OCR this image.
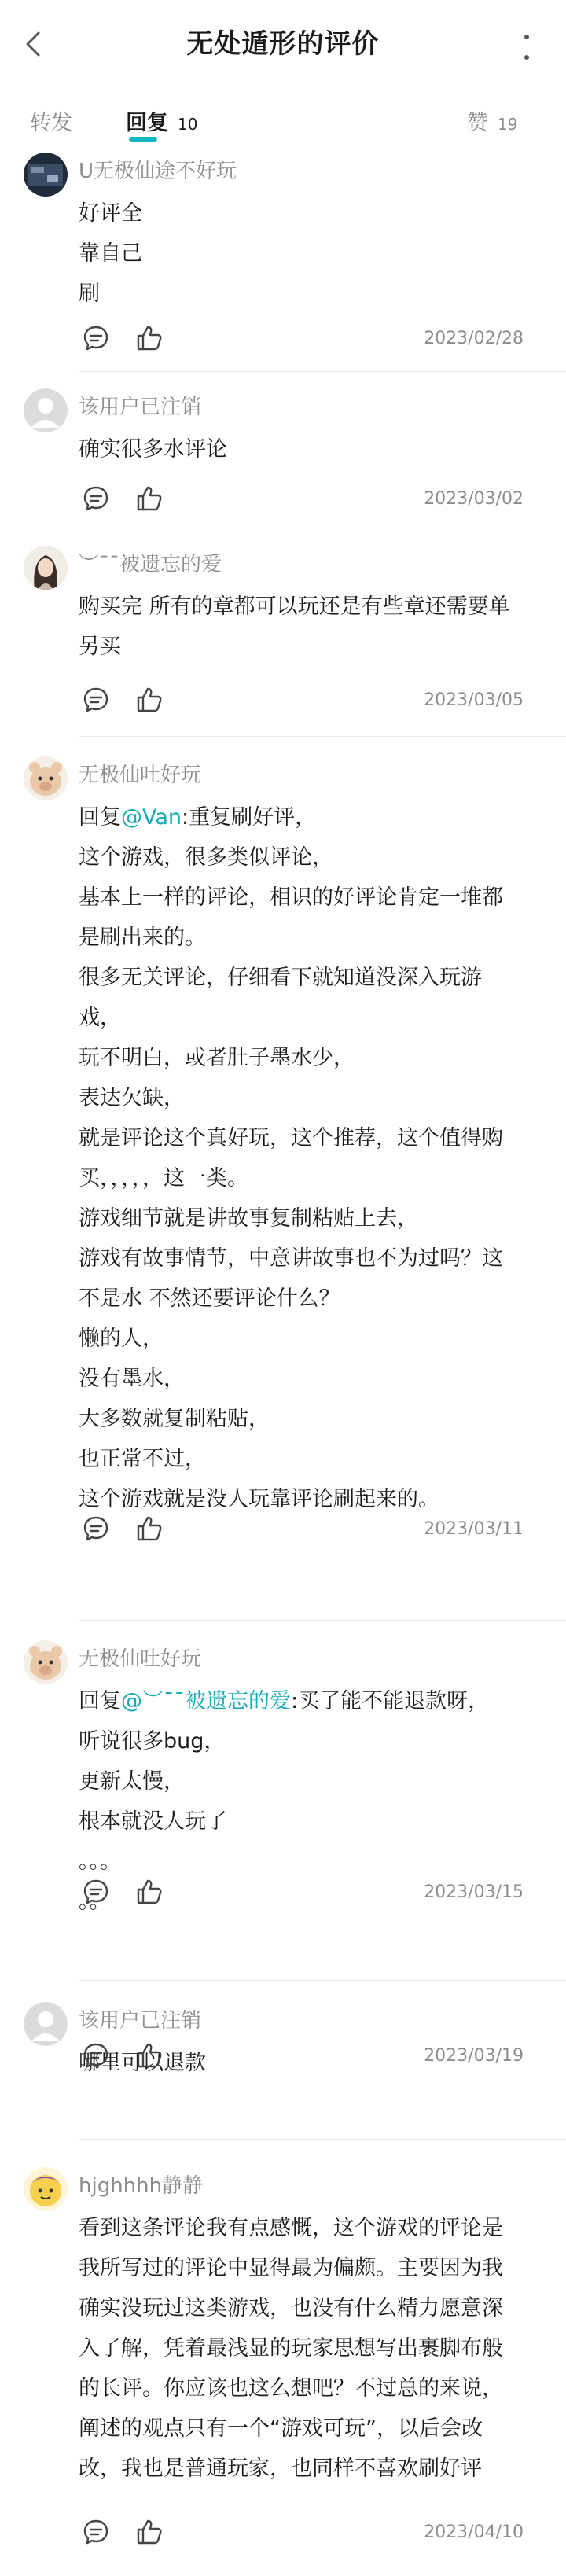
无处遁形的评价
转发	回复 10	赞 19
U无极仙途不好玩
好评全
靠自己
刷
该用户已注销
确实很多水评论
︶¯¯被遗忘的爱
购买完 所有的章都可以玩还是有些章还需要单
另买
无极仙吐好玩
回复@Van:重复刷好评，
这个游戏，很多类似评论，
基本上一样的评论，相识的好评论肯定一堆都
是刷出来的。
很多无关评论，仔细看下就知道没深入玩游
戏，
玩不明白，或者肚子墨水少，
表达欠缺，
就是评论这个真好玩，这个推荐，这个值得购
买，，，，，这一类。
游戏细节就是讲故事复制粘贴上去，
游戏有故事情节，中意讲故事也不为过吗？这
不是水 不然还要评论什么？
懒的人，
没有墨水，
大多数就复制粘贴，
也正常不过，
这个游戏就是没人玩靠评论刷起来的。
无极仙吐好玩
回复@︶¯¯被遗忘的爱:买了能不能退款呀，
听说很多bug，
更新太慢，
根本就没人玩了
。。。
。。
该用户已注销
哪里可以退款
hjghhhh静静
看到这条评论我有点感慨，这个游戏的评论是
我所写过的评论中显得最为偏颇。主要因为我
确实没玩过这类游戏，也没有什么精力愿意深
入了解，凭着最浅显的玩家思想写出裹脚布般
的长评。你应该也这么想吧？不过总的来说，
阐述的观点只有一个“游戏可玩”，以后会改
改，我也是普通玩家，也同样不喜欢刷好评
2023/02/28
2023/03/02
2023/03/05
2023/03/11
2023/03/15
2023/03/19
2023/04/10
